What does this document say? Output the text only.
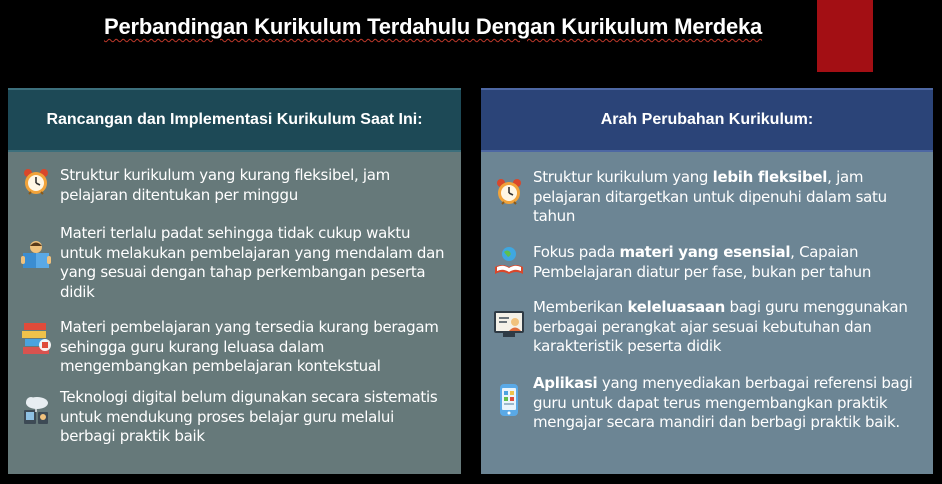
Perbandingan Kurikulum Terdahulu Dengan Kurikulum Merdeka
Rancangan dan Implementasi Kurikulum Saat Ini:
Struktur kurikulum yang kurang fleksibel, jam pelajaran ditentukan per minggu
Materi terlalu padat sehingga tidak cukup waktu untuk melakukan pembelajaran yang mendalam dan yang sesuai dengan tahap perkembangan peserta didik
Materi pembelajaran yang tersedia kurang beragam sehingga guru kurang leluasa dalam mengembangkan pembelajaran kontekstual
Teknologi digital belum digunakan secara sistematis untuk mendukung proses belajar guru melalui berbagi praktik baik
Arah Perubahan Kurikulum:
Struktur kurikulum yang lebih fleksibel, jam pelajaran ditargetkan untuk dipenuhi dalam satu tahun
Fokus pada materi yang esensial, Capaian Pembelajaran diatur per fase, bukan per tahun
Memberikan keleluasaan bagi guru menggunakan berbagai perangkat ajar sesuai kebutuhan dan karakteristik peserta didik
Aplikasi yang menyediakan berbagai referensi bagi guru untuk dapat terus mengembangkan praktik mengajar secara mandiri dan berbagi praktik baik.
